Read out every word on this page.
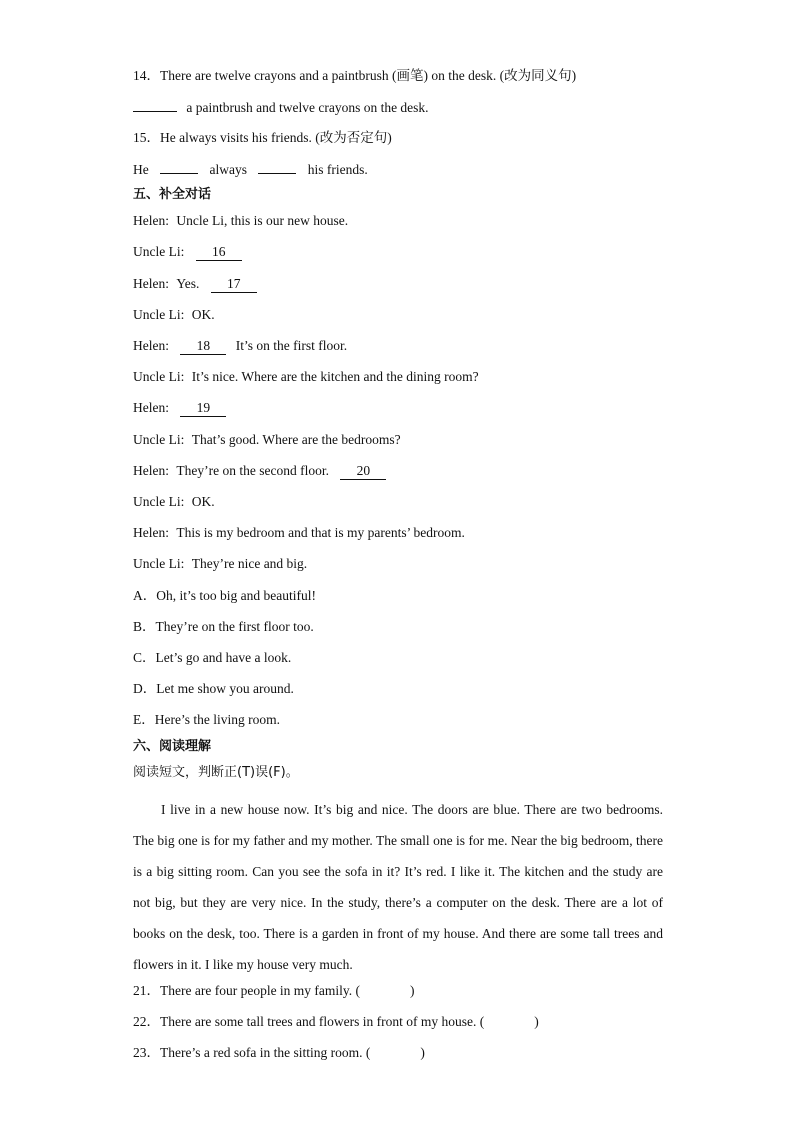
14．There are twelve crayons and a paintbrush (画笔) on the desk. (改为同义句)
a paintbrush and twelve crayons on the desk.
15．He always visits his friends. (改为否定句)
He	always	his friends.
五、补全对话
Helen: Uncle Li, this is our new house.
Uncle Li: 16
Helen: Yes. 17
Uncle Li: OK.
Helen: 18 It’s on the first floor.
Uncle Li: It’s nice. Where are the kitchen and the dining room?
Helen: 19
Uncle Li: That’s good. Where are the bedrooms?
Helen: They’re on the second floor. 20
Uncle Li: OK.
Helen: This is my bedroom and that is my parents’ bedroom.
Uncle Li: They’re nice and big.
A．Oh, it’s too big and beautiful!
B．They’re on the first floor too.
C．Let’s go and have a look.
D．Let me show you around.
E．Here’s the living room.
六、阅读理解
阅读短文，判断正(T)误(F)。
I live in a new house now. It’s big and nice. The doors are blue. There are two bedrooms. The big one is for my father and my mother. The small one is for me. Near the big bedroom, there is a big sitting room. Can you see the sofa in it? It’s red. I like it. The kitchen and the study are not big, but they are very nice. In the study, there’s a computer on the desk. There are a lot of books on the desk, too. There is a garden in front of my house. And there are some tall trees and flowers in it. I like my house very much.
21．There are four people in my family. (	)
22．There are some tall trees and flowers in front of my house. (	)
23．There’s a red sofa in the sitting room. (	)
